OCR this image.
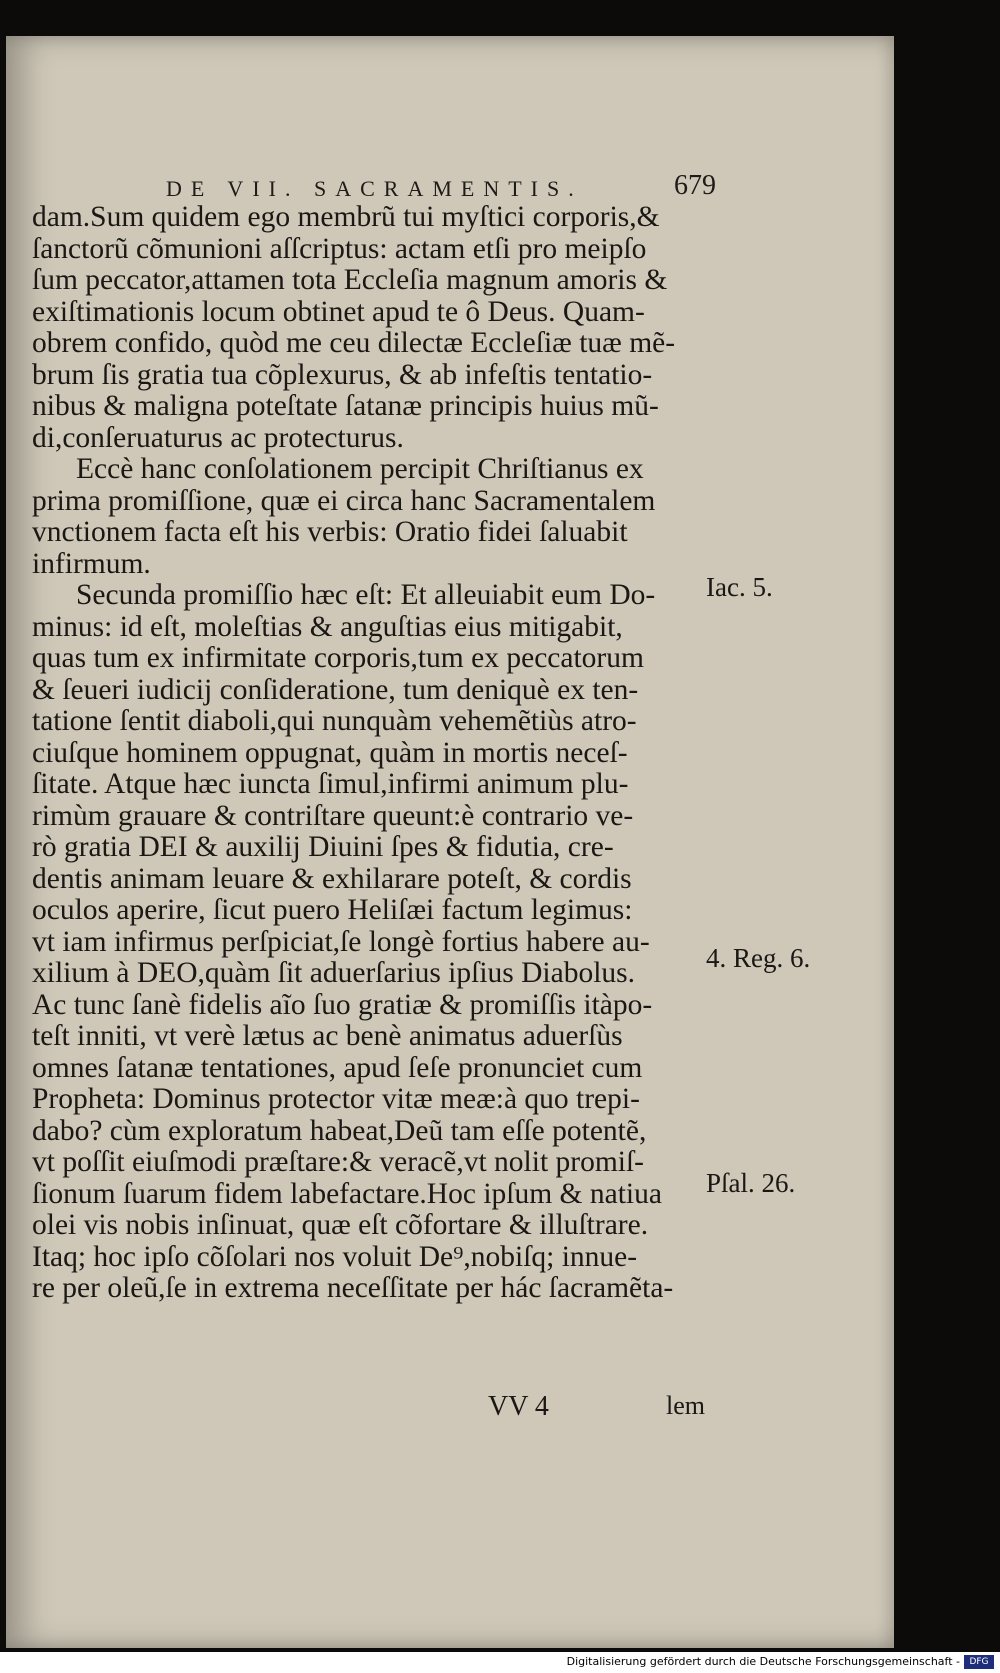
DE VII. SACRAMENTIS.	679
dam.Sum quidem ego membrũ tui myſtici corporis,&
ſanctorũ cõmunioni aſſcriptus: actam etſi pro meipſo
ſum peccator,attamen tota Eccleſia magnum amoris &
exiſtimationis locum obtinet apud te ô Deus. Quam-
obrem confido, quòd me ceu dilectæ Eccleſiæ tuæ mẽ-
brum ſis gratia tua cõplexurus, & ab infeſtis tentatio-
nibus & maligna poteſtate ſatanæ principis huius mũ-
di,conſeruaturus ac protecturus.
Eccè hanc conſolationem percipit Chriſtianus ex
prima promiſſione, quæ ei circa hanc Sacramentalem
vnctionem facta eſt his verbis: Oratio fidei ſaluabit
infirmum.
Secunda promiſſio hæc eſt: Et alleuiabit eum Do-
minus: id eſt, moleſtias & anguſtias eius mitigabit,
quas tum ex infirmitate corporis,tum ex peccatorum
& ſeueri iudicij conſideratione, tum deniquè ex ten-
tatione ſentit diaboli,qui nunquàm vehemẽtiùs atro-
ciuſque hominem oppugnat, quàm in mortis neceſ-
ſitate. Atque hæc iuncta ſimul,infirmi animum plu-
rimùm grauare & contriſtare queunt:è contrario ve-
rò gratia DEI & auxilij Diuini ſpes & fidutia, cre-
dentis animam leuare & exhilarare poteſt, & cordis
oculos aperire, ſicut puero Heliſæi factum legimus:
vt iam infirmus perſpiciat,ſe longè fortius habere au-
xilium à DEO,quàm ſit aduerſarius ipſius Diabolus.
Ac tunc ſanè fidelis aĩo ſuo gratiæ & promiſſis itàpo-
teſt inniti, vt verè lætus ac benè animatus aduerſùs
omnes ſatanæ tentationes, apud ſeſe pronunciet cum
Propheta: Dominus protector vitæ meæ:à quo trepi-
dabo? cùm exploratum habeat,Deũ tam eſſe potentẽ,
vt poſſit eiuſmodi præſtare:& veracẽ,vt nolit promiſ-
ſionum ſuarum fidem labefactare.Hoc ipſum & natiua
olei vis nobis inſinuat, quæ eſt cõfortare & illuſtrare.
Itaq; hoc ipſo cõſolari nos voluit De⁹,nobiſq; innue-
re per oleũ,ſe in extrema neceſſitate per hác ſacramẽta-
Iac. 5.
4. Reg. 6.
Pſal. 26.
VV 4	lem
Digitalisierung gefördert durch die Deutsche Forschungsgemeinschaft -	DFG
